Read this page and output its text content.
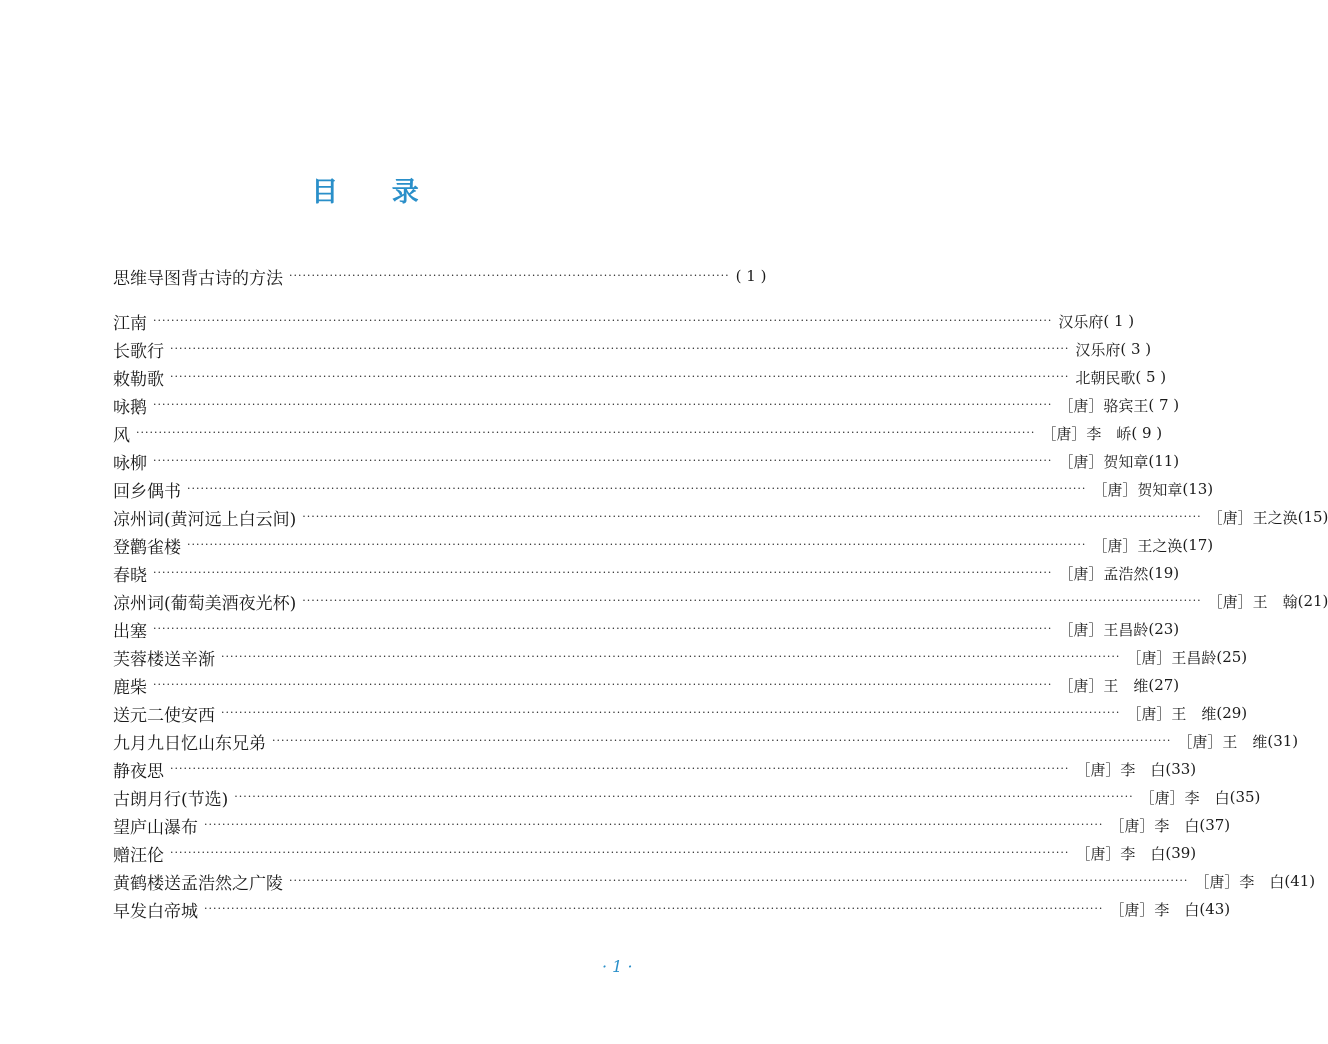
目 录
思维导图背古诗的方法 ·································································································· ( 1 )
江南 ········································································································································································································ 汉乐府 ( 1 )
长歌行 ········································································································································································································ 汉乐府 ( 3 )
敕勒歌 ········································································································································································································ 北朝民歌 ( 5 )
咏鹅 ········································································································································································································ ［唐］骆宾王 ( 7 )
风 ········································································································································································································ ［唐］李　峤 ( 9 )
咏柳 ········································································································································································································ ［唐］贺知章 (11)
回乡偶书 ········································································································································································································ ［唐］贺知章 (13)
凉州词(黄河远上白云间) ········································································································································································································ ［唐］王之涣 (15)
登鹳雀楼 ········································································································································································································ ［唐］王之涣 (17)
春晓 ········································································································································································································ ［唐］孟浩然 (19)
凉州词(葡萄美酒夜光杯) ········································································································································································································ ［唐］王　翰 (21)
出塞 ········································································································································································································ ［唐］王昌龄 (23)
芙蓉楼送辛渐 ········································································································································································································ ［唐］王昌龄 (25)
鹿柴 ········································································································································································································ ［唐］王　维 (27)
送元二使安西 ········································································································································································································ ［唐］王　维 (29)
九月九日忆山东兄弟 ········································································································································································································ ［唐］王　维 (31)
静夜思 ········································································································································································································ ［唐］李　白 (33)
古朗月行(节选) ········································································································································································································ ［唐］李　白 (35)
望庐山瀑布 ········································································································································································································ ［唐］李　白 (37)
赠汪伦 ········································································································································································································ ［唐］李　白 (39)
黄鹤楼送孟浩然之广陵 ········································································································································································································ ［唐］李　白 (41)
早发白帝城 ········································································································································································································ ［唐］李　白 (43)
· 1 ·
